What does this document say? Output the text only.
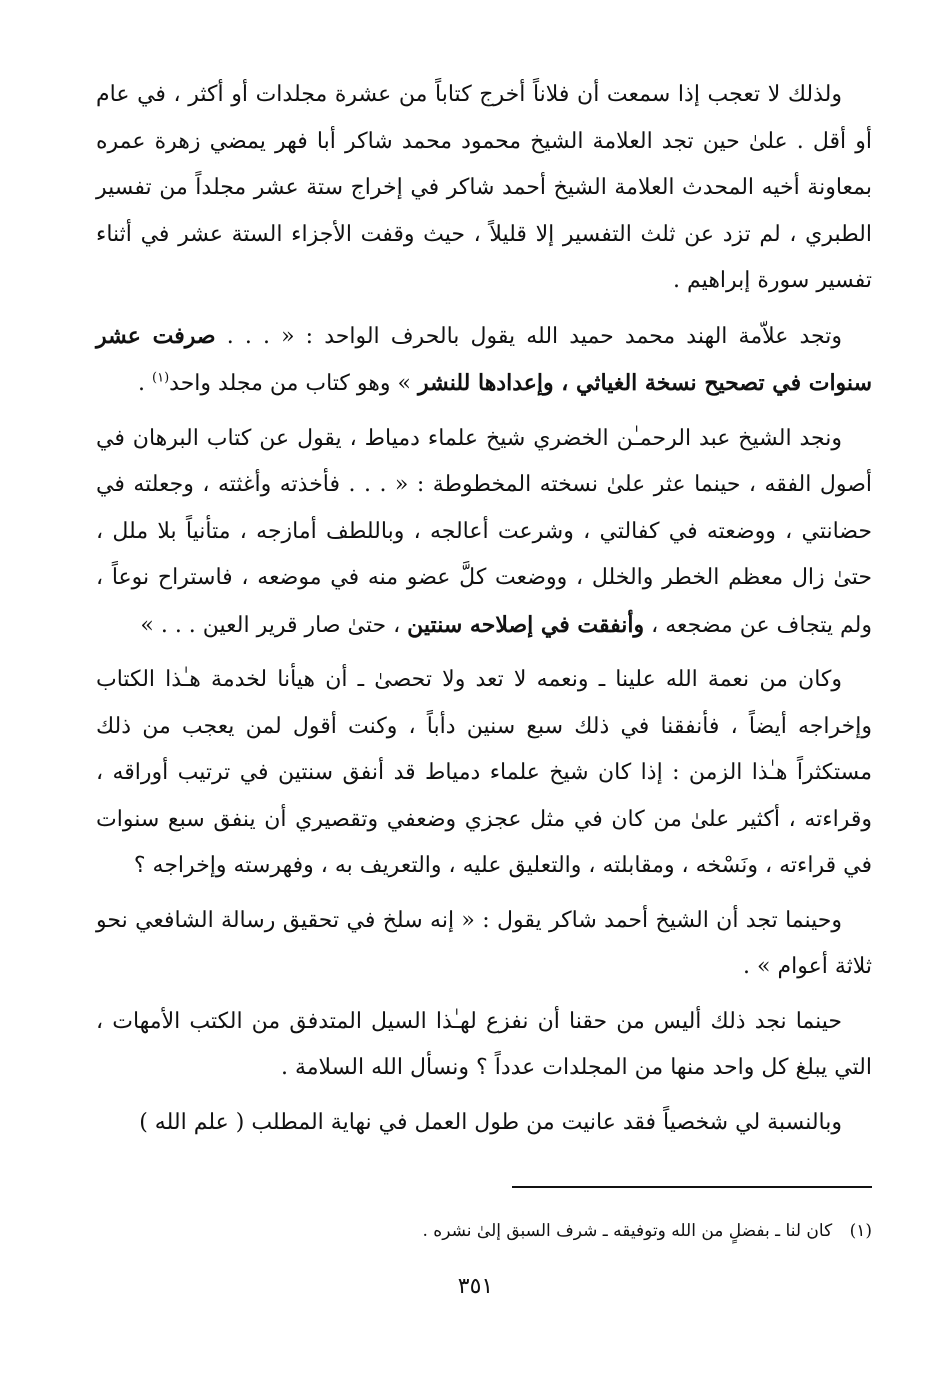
ولذلك لا تعجب إذا سمعت أن فلاناً أخرج كتاباً من عشرة مجلدات أو أكثر ، في عام أو أقل . علىٰ حين تجد العلامة الشيخ محمود محمد شاكر أبا فهر يمضي زهرة عمره بمعاونة أخيه المحدث العلامة الشيخ أحمد شاكر في إخراج ستة عشر مجلداً من تفسير الطبري ، لم تزد عن ثلث التفسير إلا قليلاً ، حيث وقفت الأجزاء الستة عشر في أثناء تفسير سورة إبراهيم .

وتجد علاّمة الهند محمد حميد الله يقول بالحرف الواحد : « . . . صرفت عشر سنوات في تصحيح نسخة الغياثي ، وإعدادها للنشر » وهو كتاب من مجلد واحد$^{(١)}$ .

ونجد الشيخ عبد الرحمـٰن الخضري شيخ علماء دمياط ، يقول عن كتاب البرهان في أصول الفقه ، حينما عثر علىٰ نسخته المخطوطة : « . . . فأخذته وأغثته ، وجعلته في حضانتي ، ووضعته في كفالتي ، وشرعت أعالجه ، وباللطف أمازجه ، متأنياً بلا ملل ، حتىٰ زال معظم الخطر والخلل ، ووضعت كلَّ عضو منه في موضعه ، فاستراح نوعاً ، ولم يتجاف عن مضجعه ، وأنفقت في إصلاحه سنتين ، حتىٰ صار قرير العين . . . »

وكان من نعمة الله علينا ـ ونعمه لا تعد ولا تحصىٰ ـ أن هيأنا لخدمة هـٰذا الكتاب وإخراجه أيضاً ، فأنفقنا في ذلك سبع سنين دأباً ، وكنت أقول لمن يعجب من ذلك مستكثراً هـٰذا الزمن : إذا كان شيخ علماء دمياط قد أنفق سنتين في ترتيب أوراقه ، وقراءته ، أكثير علىٰ من كان في مثل عجزي وضعفي وتقصيري أن ينفق سبع سنوات في قراءته ، ونَسْخه ، ومقابلته ، والتعليق عليه ، والتعريف به ، وفهرسته وإخراجه ؟

وحينما تجد أن الشيخ أحمد شاكر يقول : « إنه سلخ في تحقيق رسالة الشافعي نحو ثلاثة أعوام » .

حينما نجد ذلك أليس من حقنا أن نفزع لهـٰذا السيل المتدفق من الكتب الأمهات ، التي يبلغ كل واحد منها من المجلدات عدداً ؟ ونسأل الله السلامة .

وبالنسبة لي شخصياً فقد عانيت من طول العمل في نهاية المطلب ( علم الله )

(١) كان لنا ـ بفضلٍ من الله وتوفيقه ـ شرف السبق إلىٰ نشره .
٣٥١
